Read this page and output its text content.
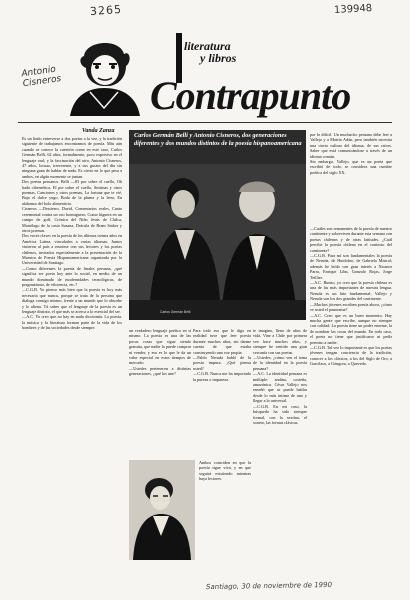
3265	139948
Antonio Cisneros
literatura
y libros
Contrapunto
Vanda Zanza
Carlos Germán Belli y Antonio Cisneros, dos generaciones diferentes y dos mundos distintos de la poesía hispanoamericana
Carlos Germán Belli
Es un lindo entreverse a dos poetas a la vez, y la tradición siguiente de trabajamos encontramos de poesía. Más aún cuando se conoce la cuestión como en este caso, Carlos Germán Belli, 62 años, formalmente, poco expresivo en el lenguaje oral; y la fascinación del otro, Antonio Cisneros, 47 años, locuaz, irreverente, y a sus gustos del día sin ninguna gana de hablar de nada. Es cierto en lo que pesa a ambos, en algún momento se juntan.
Dos poetas peruanos. Belli —83 por sobre el cuello, Oh hada cibernética, El pie sobre el cuello, Sextinas y otros poemas, Canciones y otros poemas, La fortuna que te vié, Bajo el dulce yugo, Boda de la pluma y la letra, En alabanza del bolo alimenticio.
Cisneros —Destierro, David, Comentarios reales, Canto ceremonial contra un oso hormiguero, Como higuera en un campo de golf, Crónica del Niño Jesús de Chilca, Monólogo de la casta Susana, Drácula de Bram Stoker y otros poemas.
Dos voces claves en la poesía de los últimos treinta años en América Latina, vinculados a varias idiomas. Juntos vinieron al país a reunirse con sus lectores y los poetas chilenos, invitados especialmente a la presentación de la Muestra de Poesía Hispanoamericana organizada por la Universidad de Santiago.
—Como diferentes la poesía de finales peruana, ¿qué significa ser poeta hoy ante lo social, en medio de un mundo dominado de modernidades tecnológicas, de pragmatismo, de eficiencia, etc.?
—C.G.B. Yo pienso más bien que la poesía es hoy más necesaria que nunca, porque se trata de la persona que dialoga consigo mismo, frente a un mundo que lo absorbe y lo aliena. Tú sabes que el lenguaje de la poesía es un lenguaje distinto, el que más se acerca a lo esencial del ser.
—A.C. Yo creo que no hay en nada dicotomía. La poesía, la música y la literatura forman parte de la vida de los hombres y de las sociedades desde siempre.
por lo difícil. Un muchacho peruano debe leer a Vallejo y a Martín Adán, pero también necesita una cierta cultura del idioma, de sus raíces. Saber que está comunicándose a través de un idioma común.
Sin embargo, Vallejo, que es un poeta que escribió de todo, se considera una cumbre poética del siglo XX.
—Cuáles son remanentes de la poesía de nuestro continente y sobreviven durante esta semana con poetas chilenos y de otras latitudes, ¿Cuál percibe la poesía chilena en el contexto del continente?
—C.G.B. Para mí son fundamentales la poesía de Neruda, de Huidobro, de Gabriela Mistral; además he leído con gran interés a Nicanor Parra, Enrique Lihn, Gonzalo Rojas, Jorge Teillier.
—A.C. Bueno, yo creo que la poesía chilena es una de las más importantes de nuestra lengua. Neruda es un hito fundamental; Vallejo y Neruda son los dos grandes del continente.
—Muchos jóvenes escriben poesía ahora, ¿cómo ve usted el panorama?
—A.C. Creo que es un buen momento. Hay mucha gente que escribe, aunque no siempre con calidad. La poesía tiene un poder enorme, la de nombrar las cosas del mundo. En todo caso, el poeta no tiene que justificarse ni pedir permiso a nadie.
—C.G.B. Tal vez lo importante es que los poetas jóvenes tengan conciencia de la tradición, conocer a los clásicos, a los del Siglo de Oro, a Garcilaso, a Góngora, a Quevedo.
un verdadero lenguaje poético en sí mismo. La poesía es una de las pocas cosas que sigue siendo gratuita, que nadie la puede comprar ni vender, y eso es lo que le da un valor especial en estos tiempos de mercado.
—Ustedes pertenecen a distintas generaciones, ¿qué los une?
Para todo eso que le digo en realidad tuve que leer poesía durante muchos años, sin darme cuenta de que estaba construyendo una voz propia.
—Pablo Neruda habló de la poesía impura. ¿Qué piensa usted?
—C.G.B. Nunca me ha importado la pureza o impureza.
te imagino, lleno de años de vida. Vine a Chile por primera vez hace muchos años, y siempre he sentido una gran cercanía con sus poetas.
—Ustedes, ¿cómo ven el tema de la identidad en la poesía peruana?
—A.C. La identidad peruana es múltiple: andina, costeña, amazónica. César Vallejo nos enseñó que se puede hablar desde lo más íntimo de uno y llegar a lo universal.
—C.G.B. En mi caso, la búsqueda ha sido siempre formal, con la sextina, el soneto, las formas clásicas.
Ambos coinciden en que la poesía sigue viva, y en que seguirá existiendo mientras haya lectores.
Santiago, 30 de noviembre de 1990
